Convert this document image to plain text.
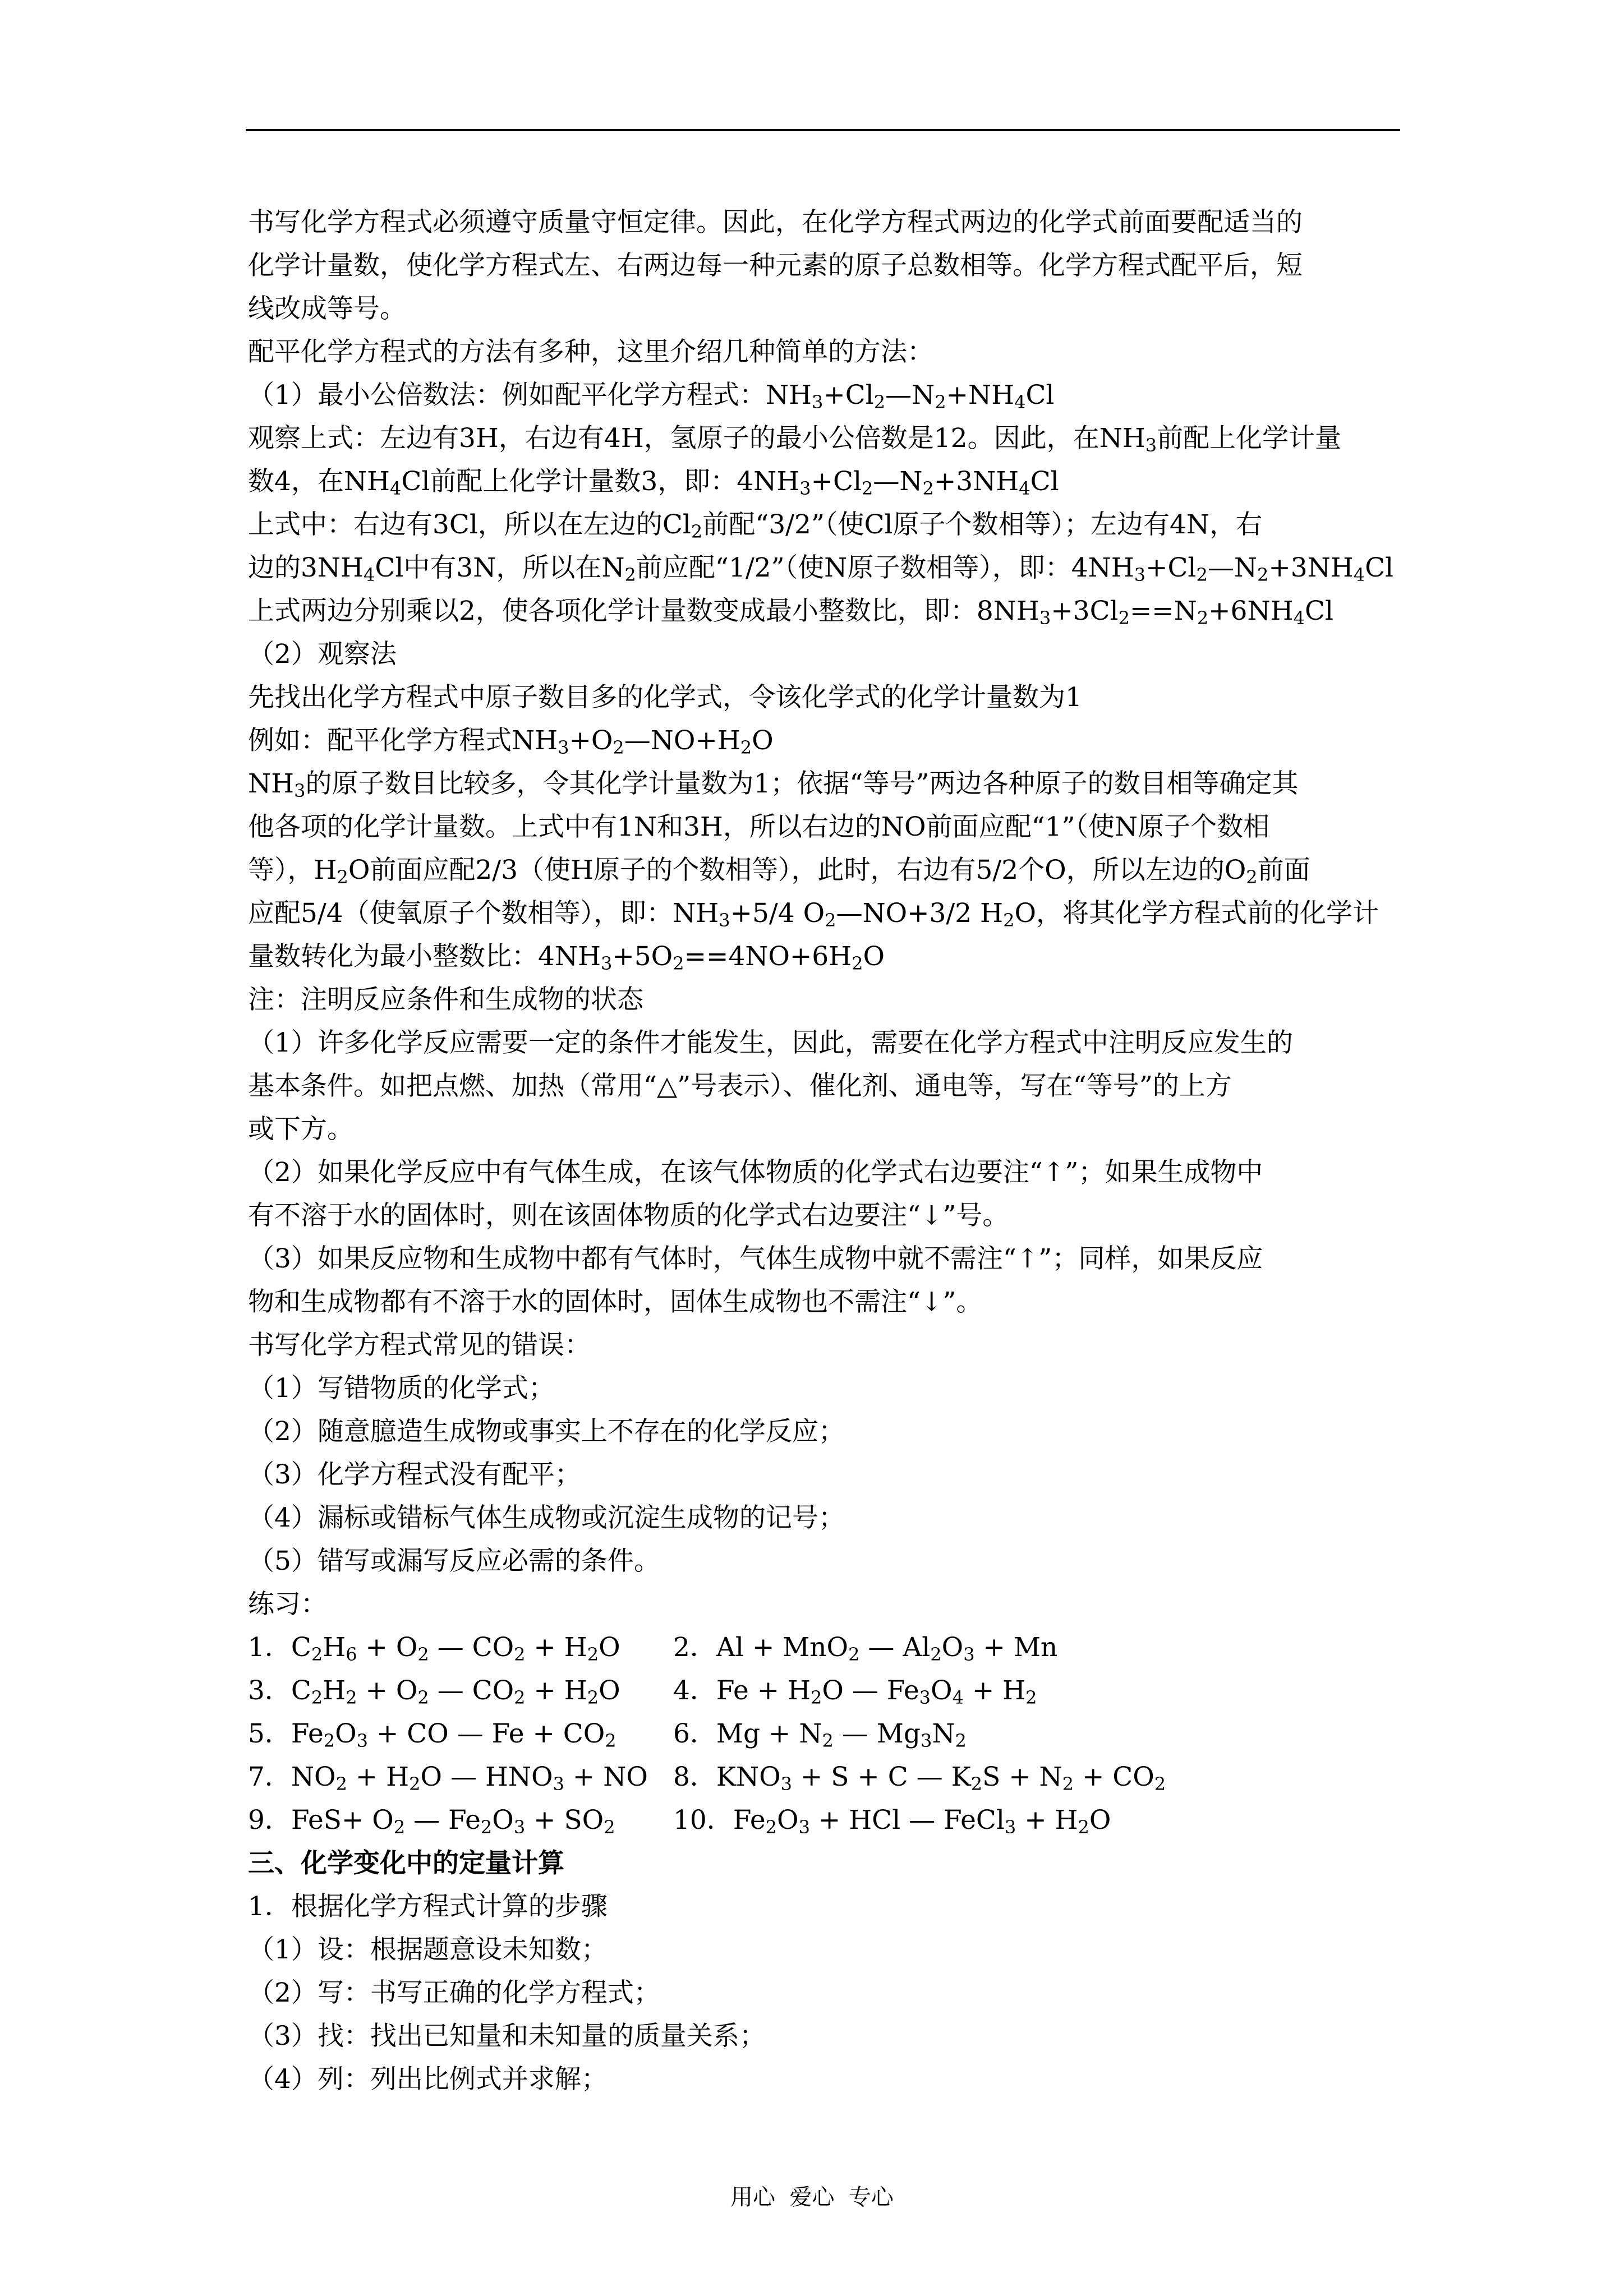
书写化学方程式必须遵守质量守恒定律。因此，在化学方程式两边的化学式前面要配适当的

化学计量数，使化学方程式左、右两边每一种元素的原子总数相等。化学方程式配平后，短

线改成等号。

配平化学方程式的方法有多种，这里介绍几种简单的方法：

（1）最小公倍数法：例如配平化学方程式：$NH_3+Cl_2—N_2+NH_4Cl$

观察上式：左边有3H，右边有4H，氢原子的最小公倍数是12。因此，在$NH_3$前配上化学计量

数4，在$NH_4Cl$前配上化学计量数3，即：$4NH_3+Cl_2—N_2+3NH_4Cl$

上式中：右边有3Cl，所以在左边的$Cl_2$前配“3/2”（使Cl原子个数相等）；左边有4N，右

边的$3NH_4Cl$中有3N，所以在$N_2$前应配“1/2”（使N原子数相等），即：$4NH_3+Cl_2—N_2+3NH_4Cl$

上式两边分别乘以2，使各项化学计量数变成最小整数比，即：$8NH_3+3Cl_2==N_2+6NH_4Cl$

（2）观察法

先找出化学方程式中原子数目多的化学式，令该化学式的化学计量数为1

例如：配平化学方程式$NH_3+O_2—NO+H_2O$

$NH_3$的原子数目比较多，令其化学计量数为1；依据“等号”两边各种原子的数目相等确定其

他各项的化学计量数。上式中有1N和3H，所以右边的NO前面应配“1”（使N原子个数相

等），$H_2O$前面应配2/3（使H原子的个数相等），此时，右边有5/2个O，所以左边的$O_2$前面

应配5/4（使氧原子个数相等），即：$NH_3+5/4$ $O_2—NO+3/2$ $H_2O$，将其化学方程式前的化学计

量数转化为最小整数比：$4NH_3+5O_2==4NO+6H_2O$

注：注明反应条件和生成物的状态

（1）许多化学反应需要一定的条件才能发生，因此，需要在化学方程式中注明反应发生的

基本条件。如把点燃、加热（常用“△”号表示）、催化剂、通电等，写在“等号”的上方

或下方。

（2）如果化学反应中有气体生成，在该气体物质的化学式右边要注“↑”；如果生成物中

有不溶于水的固体时，则在该固体物质的化学式右边要注“↓”号。

（3）如果反应物和生成物中都有气体时，气体生成物中就不需注“↑”；同样，如果反应

物和生成物都有不溶于水的固体时，固体生成物也不需注“↓”。

书写化学方程式常见的错误：

（1）写错物质的化学式；

（2）随意臆造生成物或事实上不存在的化学反应；

（3）化学方程式没有配平；

（4）漏标或错标气体生成物或沉淀生成物的记号；

（5）错写或漏写反应必需的条件。

练习：

1．$C_2H_6 + O_2$ — $CO_2 + H_2O$	2．Al + MnO$_2$ — $Al_2O_3 + Mn$
3．$C_2H_2 + O_2$ — $CO_2 + H_2O$	4．$Fe + H_2O$ — $Fe_3O_4 + H_2$
5．$Fe_2O_3$ + CO — $Fe + CO_2$	6．$Mg + N_2$ — $Mg_3N_2$
7．$NO_2 + H_2O$ — $HNO_3$ + NO 8．$KNO_3 + S + C$ — $K_2S + N_2 + CO_2$
9．$FeS+ O_2$ — $Fe_2O_3 + SO_2$	10．$Fe_2O_3$ + HCl — FeCl$_3$ + $H_2O$

三、化学变化中的定量计算

1．根据化学方程式计算的步骤

（1）设：根据题意设未知数；

（2）写：书写正确的化学方程式；

（3）找：找出已知量和未知量的质量关系；

（4）列：列出比例式并求解；

用心  爱心  专心
